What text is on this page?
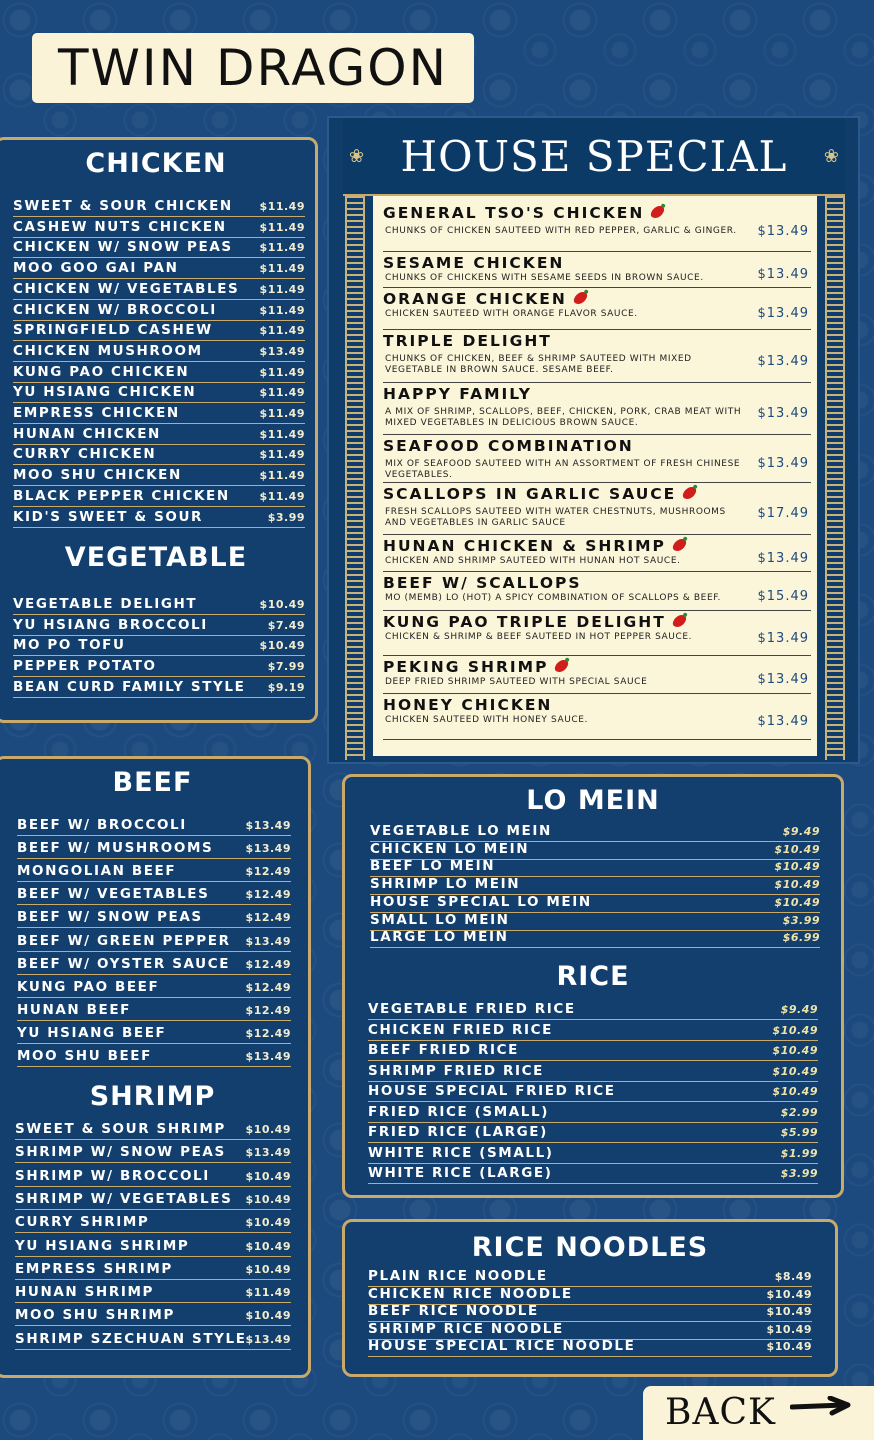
TWIN DRAGON
CHICKEN
SWEET & SOUR CHICKEN $11.49
CASHEW NUTS CHICKEN	$11.49
CHICKEN W/ SNOW PEAS $11.49
MOO GOO GAI PAN	$11.49
CHICKEN W/ VEGETABLES $11.49
CHICKEN W/ BROCCOLI	$11.49
SPRINGFIELD CASHEW	$11.49
CHICKEN MUSHROOM	$13.49
KUNG PAO CHICKEN	$11.49
YU HSIANG CHICKEN	$11.49
EMPRESS CHICKEN	$11.49
HUNAN CHICKEN	$11.49
CURRY CHICKEN	$11.49
MOO SHU CHICKEN	$11.49
BLACK PEPPER CHICKEN	$11.49
KID'S SWEET & SOUR	$3.99
VEGETABLE
VEGETABLE DELIGHT	$10.49
YU HSIANG BROCCOLI	$7.49
MO PO TOFU	$10.49
PEPPER POTATO	$7.99
BEAN CURD FAMILY STYLE $9.19
❀ HOUSE SPECIAL	❀
GENERAL TSO'S CHICKEN
CHUNKS OF CHICKEN SAUTEED WITH RED PEPPER, GARLIC & GINGER.	$13.49
SESAME CHICKEN
CHUNKS OF CHICKENS WITH SESAME SEEDS IN BROWN SAUCE.	$13.49
ORANGE CHICKEN
CHICKEN SAUTEED WITH ORANGE FLAVOR SAUCE.	$13.49
TRIPLE DELIGHT
CHUNKS OF CHICKEN, BEEF & SHRIMP SAUTEED WITH MIXED VEGETABLE IN BROWN SAUCE. SESAME BEEF.
$13.49
HAPPY FAMILY
A MIX OF SHRIMP, SCALLOPS, BEEF, CHICKEN, PORK, CRAB MEAT WITH MIXED VEGETABLES IN DELICIOUS BROWN SAUCE.
$13.49
SEAFOOD COMBINATION
MIX OF SEAFOOD SAUTEED WITH AN ASSORTMENT OF FRESH CHINESE VEGETABLES.
$13.49
SCALLOPS IN GARLIC SAUCE
FRESH SCALLOPS SAUTEED WITH WATER CHESTNUTS, MUSHROOMS AND VEGETABLES IN GARLIC SAUCE
$17.49
HUNAN CHICKEN & SHRIMP
CHICKEN AND SHRIMP SAUTEED WITH HUNAN HOT SAUCE.	$13.49
BEEF W/ SCALLOPS
MO (MEMB) LO (HOT) A SPICY COMBINATION OF SCALLOPS & BEEF.	$15.49
KUNG PAO TRIPLE DELIGHT
CHICKEN & SHRIMP & BEEF SAUTEED IN HOT PEPPER SAUCE.	$13.49
PEKING SHRIMP
DEEP FRIED SHRIMP SAUTEED WITH SPECIAL SAUCE	$13.49
HONEY CHICKEN
CHICKEN SAUTEED WITH HONEY SAUCE.	$13.49
BEEF
BEEF W/ BROCCOLI	$13.49
BEEF W/ MUSHROOMS	$13.49
MONGOLIAN BEEF	$12.49
BEEF W/ VEGETABLES	$12.49
BEEF W/ SNOW PEAS	$12.49
BEEF W/ GREEN PEPPER $13.49
BEEF W/ OYSTER SAUCE $12.49
KUNG PAO BEEF	$12.49
HUNAN BEEF	$12.49
YU HSIANG BEEF	$12.49
MOO SHU BEEF	$13.49
SHRIMP
SWEET & SOUR SHRIMP $10.49
SHRIMP W/ SNOW PEAS $13.49
SHRIMP W/ BROCCOLI	$10.49
SHRIMP W/ VEGETABLES $10.49
CURRY SHRIMP	$10.49
YU HSIANG SHRIMP	$10.49
EMPRESS SHRIMP	$10.49
HUNAN SHRIMP	$11.49
MOO SHU SHRIMP	$10.49
SHRIMP SZECHUAN STYLE $13.49
LO MEIN
VEGETABLE LO MEIN	$9.49
CHICKEN LO MEIN	$10.49
BEEF LO MEIN	$10.49
SHRIMP LO MEIN	$10.49
HOUSE SPECIAL LO MEIN	$10.49
SMALL LO MEIN	$3.99
LARGE LO MEIN	$6.99
RICE
VEGETABLE FRIED RICE	$9.49
CHICKEN FRIED RICE	$10.49
BEEF FRIED RICE	$10.49
SHRIMP FRIED RICE	$10.49
HOUSE SPECIAL FRIED RICE	$10.49
FRIED RICE (SMALL)	$2.99
FRIED RICE (LARGE)	$5.99
WHITE RICE (SMALL)	$1.99
WHITE RICE (LARGE)	$3.99
RICE NOODLES
PLAIN RICE NOODLE	$8.49
CHICKEN RICE NOODLE	$10.49
BEEF RICE NOODLE	$10.49
SHRIMP RICE NOODLE	$10.49
HOUSE SPECIAL RICE NOODLE	$10.49
BACK
